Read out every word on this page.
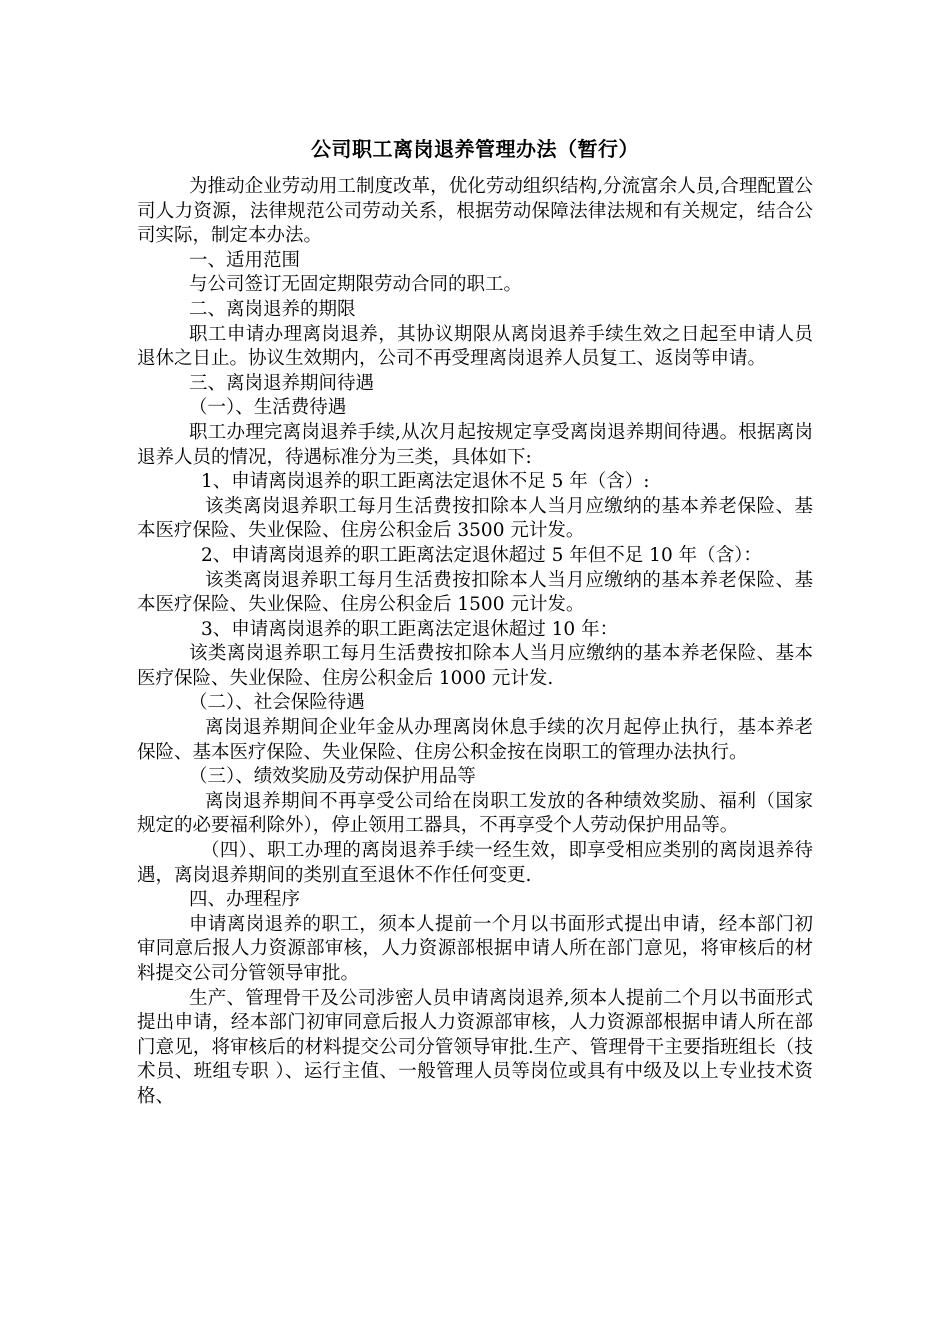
公司职工离岗退养管理办法（暂行）

为推动企业劳动用工制度改革，优化劳动组织结构,分流富余人员,合理配置公司人力资源，法律规范公司劳动关系，根据劳动保障法律法规和有关规定，结合公司实际，制定本办法。

一、适用范围

与公司签订无固定期限劳动合同的职工。

二、离岗退养的期限

职工申请办理离岗退养，其协议期限从离岗退养手续生效之日起至申请人员退休之日止。协议生效期内，公司不再受理离岗退养人员复工、返岗等申请。

三、离岗退养期间待遇

（一）、生活费待遇

职工办理完离岗退养手续,从次月起按规定享受离岗退养期间待遇。根据离岗退养人员的情况，待遇标准分为三类，具体如下:

1、申请离岗退养的职工距离法定退休不足 5 年（含）:

该类离岗退养职工每月生活费按扣除本人当月应缴纳的基本养老保险、基本医疗保险、失业保险、住房公积金后 3500 元计发。

2、申请离岗退养的职工距离法定退休超过 5 年但不足 10 年（含）：

该类离岗退养职工每月生活费按扣除本人当月应缴纳的基本养老保险、基本医疗保险、失业保险、住房公积金后 1500 元计发。

3、申请离岗退养的职工距离法定退休超过 10 年：

该类离岗退养职工每月生活费按扣除本人当月应缴纳的基本养老保险、基本医疗保险、失业保险、住房公积金后 1000 元计发.

（二）、社会保险待遇

离岗退养期间企业年金从办理离岗休息手续的次月起停止执行，基本养老保险、基本医疗保险、失业保险、住房公积金按在岗职工的管理办法执行。

（三）、绩效奖励及劳动保护用品等

离岗退养期间不再享受公司给在岗职工发放的各种绩效奖励、福利（国家规定的必要福利除外），停止领用工器具，不再享受个人劳动保护用品等。

（四）、职工办理的离岗退养手续一经生效，即享受相应类别的离岗退养待遇，离岗退养期间的类别直至退休不作任何变更.

四、办理程序

申请离岗退养的职工，须本人提前一个月以书面形式提出申请，经本部门初审同意后报人力资源部审核，人力资源部根据申请人所在部门意见，将审核后的材料提交公司分管领导审批。

生产、管理骨干及公司涉密人员申请离岗退养,须本人提前二个月以书面形式提出申请，经本部门初审同意后报人力资源部审核，人力资源部根据申请人所在部门意见，将审核后的材料提交公司分管领导审批.生产、管理骨干主要指班组长（技术员、班组专职 ）、运行主值、一般管理人员等岗位或具有中级及以上专业技术资格、
